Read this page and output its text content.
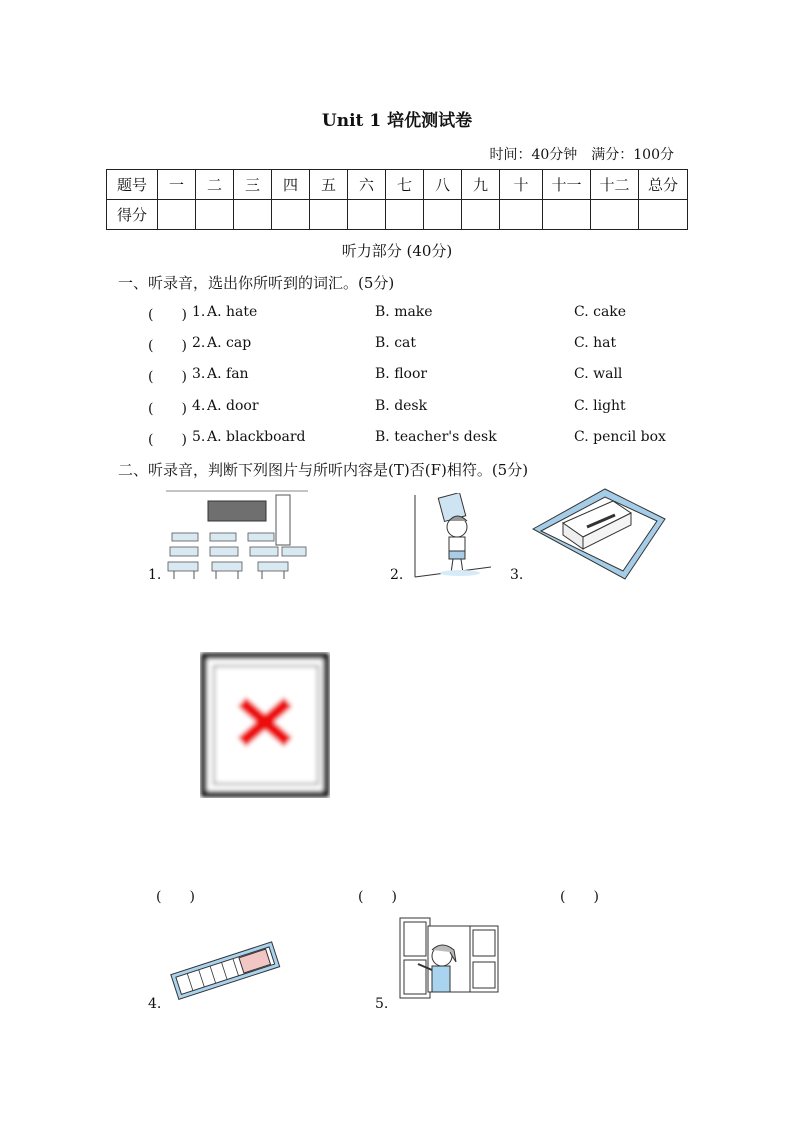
Unit 1 培优测试卷
时间：40分钟　满分：100分
题号	一	二	三	四	五	六	七	八	九	十	十一	十二	总分
得分													
听力部分 (40分)
一、听录音，选出你所听到的词汇。(5分)
(　　) 1. A. hate	B. make	C. cake
(　　) 2. A. cap	B. cat	C. hat
(　　) 3. A. fan	B. floor	C. wall
(　　) 4. A. door	B. desk	C. light
(　　) 5. A. blackboard	B. teacher's desk	C. pencil box
二、听录音，判断下列图片与所听内容是(T)否(F)相符。(5分)
1.	2.	3.
(　　)	(　　)	(　　)
4.	5.
